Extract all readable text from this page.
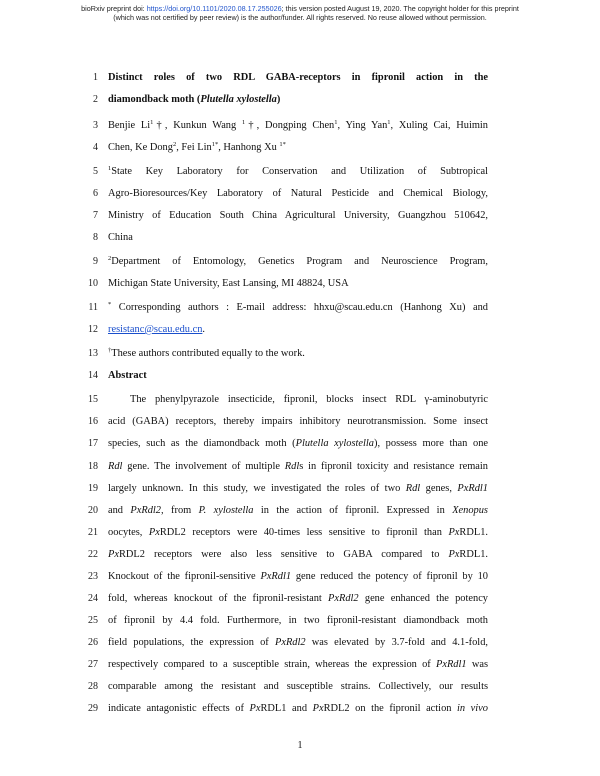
bioRxiv preprint doi: https://doi.org/10.1101/2020.08.17.255026; this version posted August 19, 2020. The copyright holder for this preprint
(which was not certified by peer review) is the author/funder. All rights reserved. No reuse allowed without permission.
1 Distinct roles of two RDL GABA-receptors in fipronil action in the
2 diamondback moth (Plutella xylostella)
3 Benjie Li$^1$†, Kunkun Wang $^1$†, Dongping Chen$^1$, Ying Yan$^1$, Xuling Cai, Huimin
4 Chen, Ke Dong$^2$, Fei Lin$^{1*}$, Hanhong Xu $^{1*}$
5 $^1$State Key Laboratory for Conservation and Utilization of Subtropical
6 Agro-Bioresources/Key Laboratory of Natural Pesticide and Chemical Biology,
7 Ministry of Education South China Agricultural University, Guangzhou 510642,
8 China
9 $^2$Department of Entomology, Genetics Program and Neuroscience Program,
10 Michigan State University, East Lansing, MI 48824, USA
11 * Corresponding authors : E-mail address: hhxu@scau.edu.cn (Hanhong Xu) and
12 resistanc@scau.edu.cn.
13 †These authors contributed equally to the work.
14 Abstract
15	The phenylpyrazole insecticide, fipronil, blocks insect RDL γ-aminobutyric
16 acid (GABA) receptors, thereby impairs inhibitory neurotransmission. Some insect
17 species, such as the diamondback moth (Plutella xylostella), possess more than one
18 Rdl gene. The involvement of multiple Rdls in fipronil toxicity and resistance remain
19 largely unknown. In this study, we investigated the roles of two Rdl genes, PxRdl1
20 and PxRdl2, from P. xylostella in the action of fipronil. Expressed in Xenopus
21 oocytes, PxRDL2 receptors were 40-times less sensitive to fipronil than PxRDL1.
22 PxRDL2 receptors were also less sensitive to GABA compared to PxRDL1.
23 Knockout of the fipronil-sensitive PxRdl1 gene reduced the potency of fipronil by 10
24 fold, whereas knockout of the fipronil-resistant PxRdl2 gene enhanced the potency
25 of fipronil by 4.4 fold. Furthermore, in two fipronil-resistant diamondback moth
26 field populations, the expression of PxRdl2 was elevated by 3.7-fold and 4.1-fold,
27 respectively compared to a susceptible strain, whereas the expression of PxRdl1 was
28 comparable among the resistant and susceptible strains. Collectively, our results
29 indicate antagonistic effects of PxRDL1 and PxRDL2 on the fipronil action in vivo
1
